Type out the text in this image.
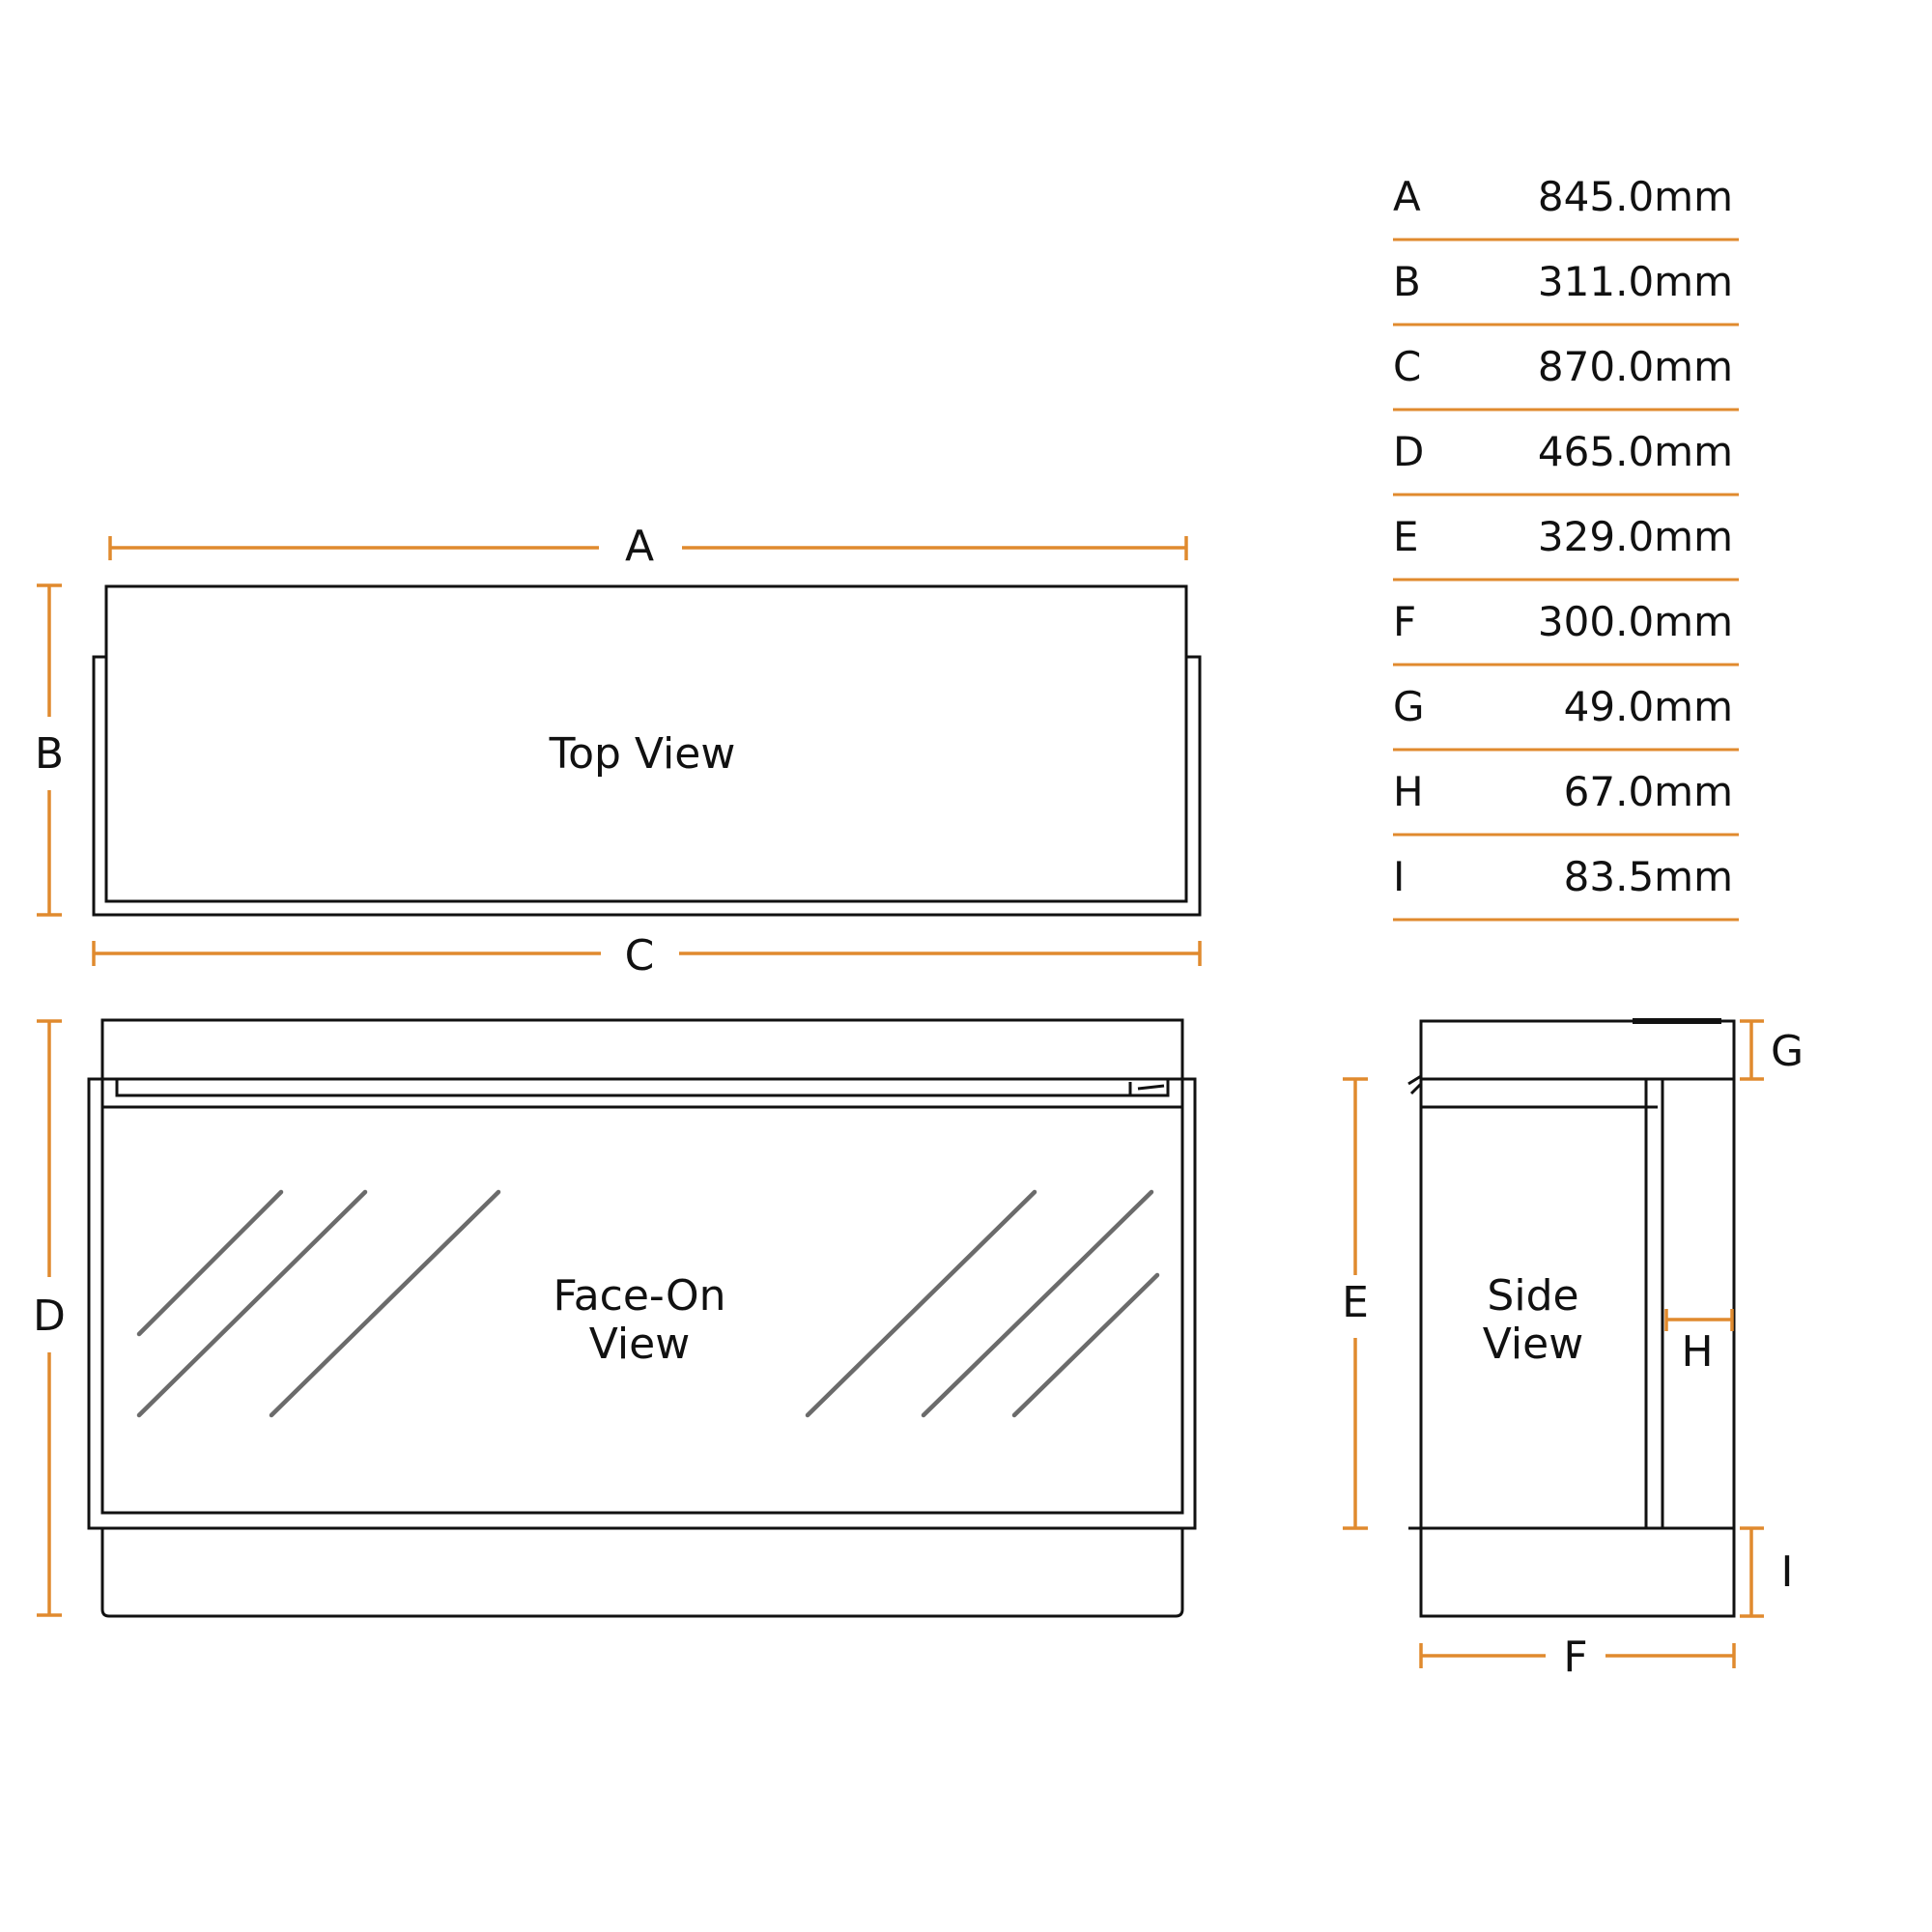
A	845.0mm
B	311.0mm
C	870.0mm
D	465.0mm
E	329.0mm
F	300.0mm
G	49.0mm
H	67.0mm
I	83.5mm
A
B	Top View
C
D	Face-On
View
Side
View
E
G
H
I
F
